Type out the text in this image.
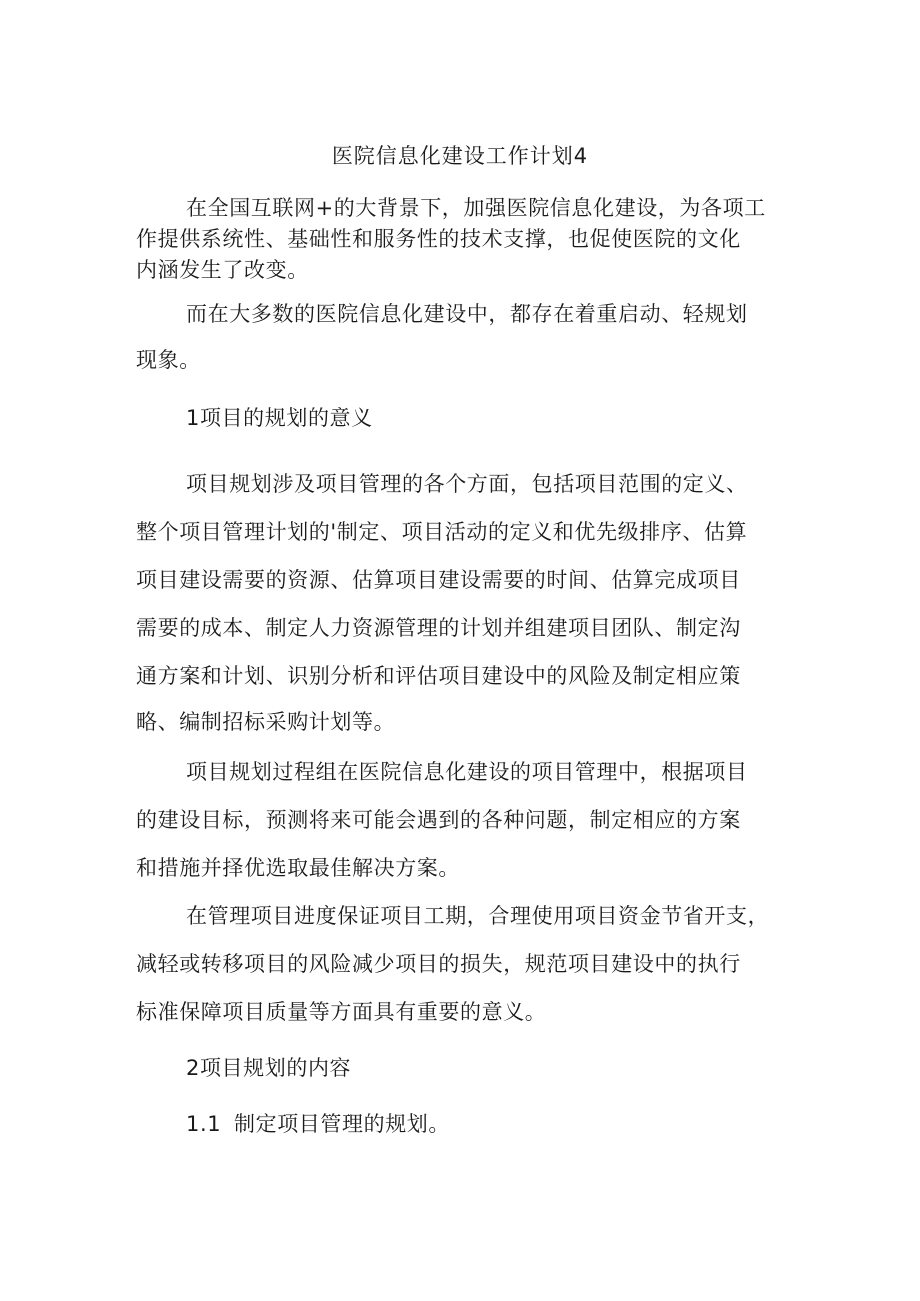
医院信息化建设工作计划4
在全国互联网+的大背景下，加强医院信息化建设，为各项工
作提供系统性、基础性和服务性的技术支撑，也促使医院的文化
内涵发生了改变。
而在大多数的医院信息化建设中，都存在着重启动、轻规划
现象。
1项目的规划的意义
项目规划涉及项目管理的各个方面，包括项目范围的定义、
整个项目管理计划的'制定、项目活动的定义和优先级排序、估算
项目建设需要的资源、估算项目建设需要的时间、估算完成项目
需要的成本、制定人力资源管理的计划并组建项目团队、制定沟
通方案和计划、识别分析和评估项目建设中的风险及制定相应策
略、编制招标采购计划等。
项目规划过程组在医院信息化建设的项目管理中，根据项目
的建设目标，预测将来可能会遇到的各种问题，制定相应的方案
和措施并择优选取最佳解决方案。
在管理项目进度保证项目工期，合理使用项目资金节省开支，
减轻或转移项目的风险减少项目的损失，规范项目建设中的执行
标准保障项目质量等方面具有重要的意义。
2项目规划的内容
1.1 制定项目管理的规划。
